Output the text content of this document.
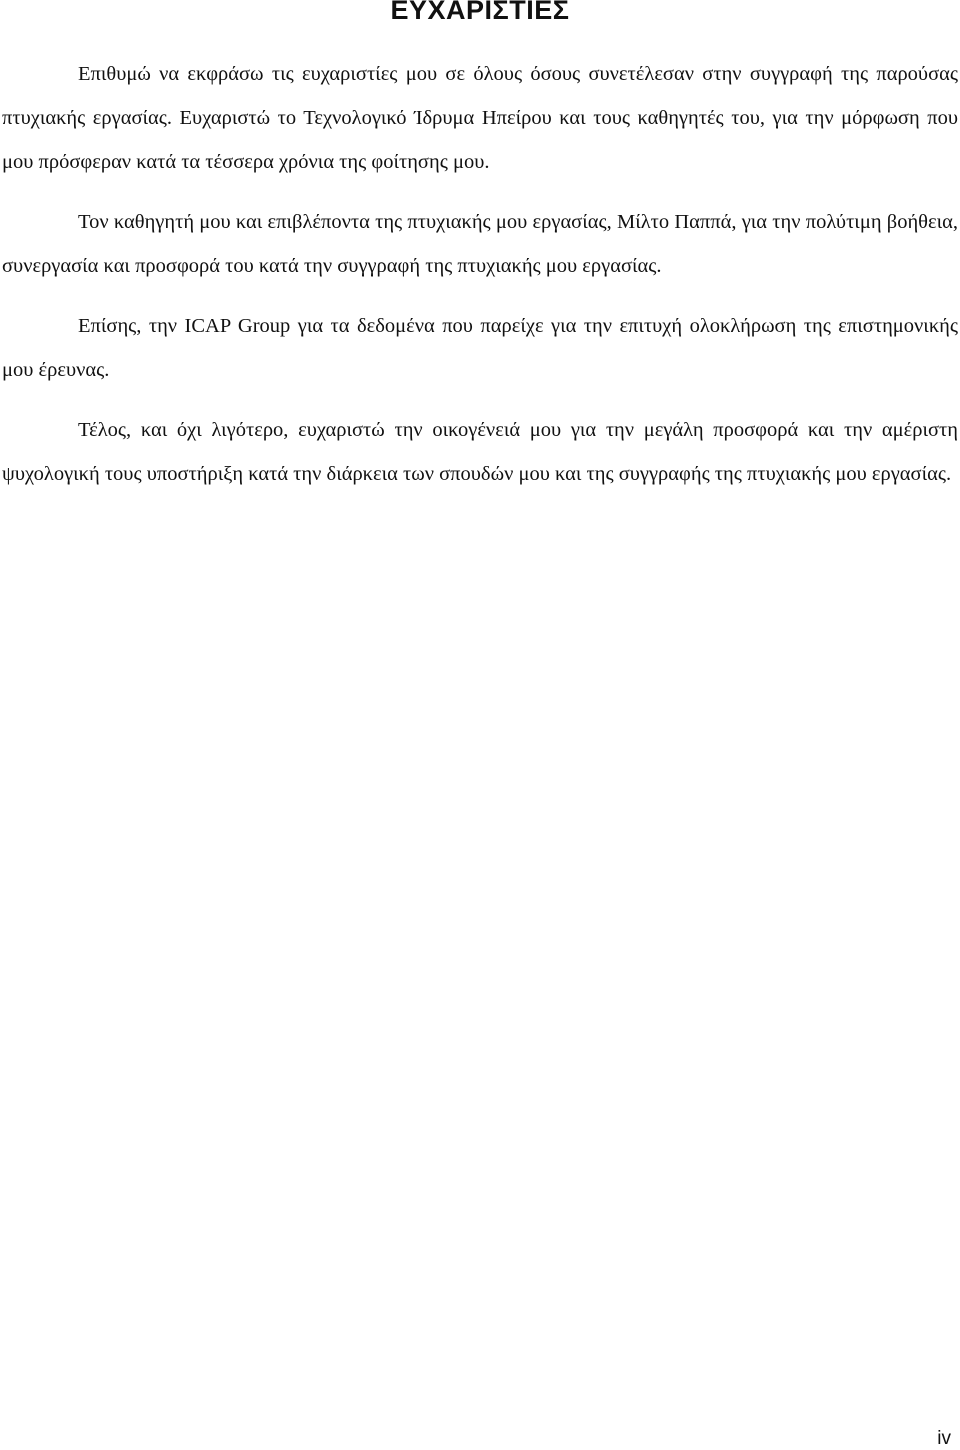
ΕΥΧΑΡΙΣΤΙΕΣ

Επιθυμώ να εκφράσω τις ευχαριστίες μου σε όλους όσους συνετέλεσαν στην συγγραφή της παρούσας πτυχιακής εργασίας. Ευχαριστώ το Τεχνολογικό Ίδρυμα Ηπείρου και τους καθηγητές του, για την μόρφωση που μου πρόσφεραν κατά τα τέσσερα χρόνια της φοίτησης μου.

Τον καθηγητή μου και επιβλέποντα της πτυχιακής μου εργασίας, Μίλτο Παππά, για την πολύτιμη βοήθεια, συνεργασία και προσφορά του κατά την συγγραφή της πτυχιακής μου εργασίας.

Επίσης, την ICAP Group για τα δεδομένα που παρείχε για την επιτυχή ολοκλήρωση της επιστημονικής μου έρευνας.

Τέλος, και όχι λιγότερο, ευχαριστώ την οικογένειά μου για την μεγάλη προσφορά και την αμέριστη ψυχολογική τους υποστήριξη κατά την διάρκεια των σπουδών μου και της συγγραφής της πτυχιακής μου εργασίας.

iv
